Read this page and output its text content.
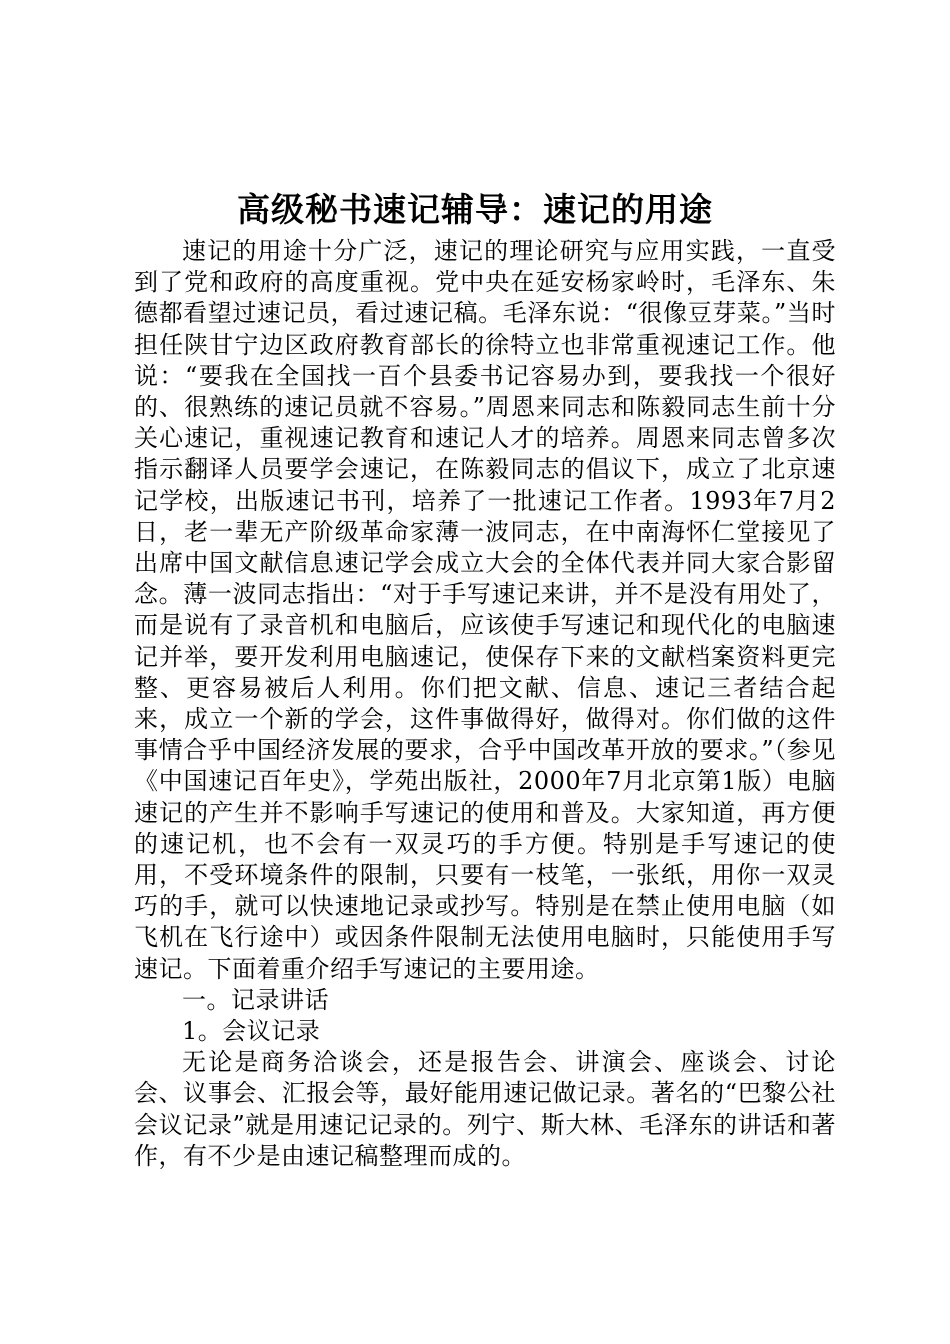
高级秘书速记辅导：速记的用途

速记的用途十分广泛，速记的理论研究与应用实践，一直受到了党和政府的高度重视。党中央在延安杨家岭时，毛泽东、朱德都看望过速记员，看过速记稿。毛泽东说：“很像豆芽菜。”当时担任陕甘宁边区政府教育部长的徐特立也非常重视速记工作。他说：“要我在全国找一百个县委书记容易办到，要我找一个很好的、很熟练的速记员就不容易。”周恩来同志和陈毅同志生前十分关心速记，重视速记教育和速记人才的培养。周恩来同志曾多次指示翻译人员要学会速记，在陈毅同志的倡议下，成立了北京速记学校，出版速记书刊，培养了一批速记工作者。1993年7月2日，老一辈无产阶级革命家薄一波同志，在中南海怀仁堂接见了出席中国文献信息速记学会成立大会的全体代表并同大家合影留念。薄一波同志指出：“对于手写速记来讲，并不是没有用处了，而是说有了录音机和电脑后，应该使手写速记和现代化的电脑速记并举，要开发利用电脑速记，使保存下来的文献档案资料更完整、更容易被后人利用。你们把文献、信息、速记三者结合起来，成立一个新的学会，这件事做得好，做得对。你们做的这件事情合乎中国经济发展的要求，合乎中国改革开放的要求。”（参见《中国速记百年史》，学苑出版社，2000年7月北京第1版）电脑速记的产生并不影响手写速记的使用和普及。大家知道，再方便的速记机，也不会有一双灵巧的手方便。特别是手写速记的使用，不受环境条件的限制，只要有一枝笔，一张纸，用你一双灵巧的手，就可以快速地记录或抄写。特别是在禁止使用电脑（如飞机在飞行途中）或因条件限制无法使用电脑时，只能使用手写速记。下面着重介绍手写速记的主要用途。

一。记录讲话

1。会议记录

无论是商务洽谈会，还是报告会、讲演会、座谈会、讨论会、议事会、汇报会等，最好能用速记做记录。著名的“巴黎公社会议记录”就是用速记记录的。列宁、斯大林、毛泽东的讲话和著作，有不少是由速记稿整理而成的。
